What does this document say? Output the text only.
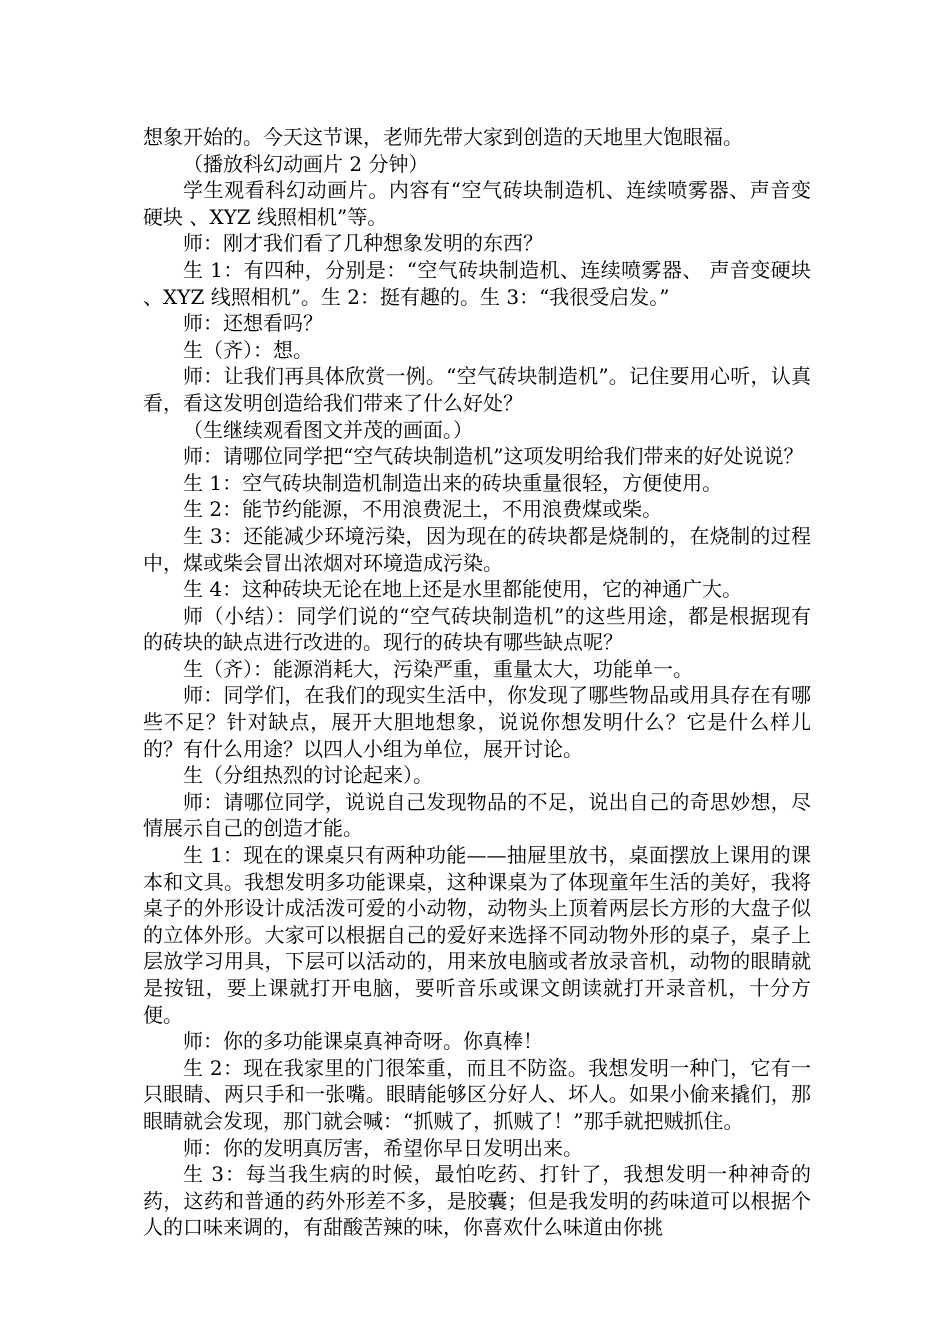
想象开始的。今天这节课，老师先带大家到创造的天地里大饱眼福。

（播放科幻动画片 2 分钟）

学生观看科幻动画片。内容有“空气砖块制造机、连续喷雾器、声音变硬块 、XYZ 线照相机”等。

师：刚才我们看了几种想象发明的东西？

生 1：有四种，分别是：“空气砖块制造机、连续喷雾器、 声音变硬块 、XYZ 线照相机”。生 2：挺有趣的。生 3：“我很受启发。”

师：还想看吗？

生（齐）：想。

师：让我们再具体欣赏一例。“空气砖块制造机”。记住要用心听，认真看，看这发明创造给我们带来了什么好处？

（生继续观看图文并茂的画面。）

师：请哪位同学把“空气砖块制造机”这项发明给我们带来的好处说说？

生 1：空气砖块制造机制造出来的砖块重量很轻，方便使用。

生 2：能节约能源，不用浪费泥土，不用浪费煤或柴。

生 3：还能减少环境污染，因为现在的砖块都是烧制的，在烧制的过程中，煤或柴会冒出浓烟对环境造成污染。

生 4：这种砖块无论在地上还是水里都能使用，它的神通广大。

师（小结）：同学们说的“空气砖块制造机”的这些用途，都是根据现有的砖块的缺点进行改进的。现行的砖块有哪些缺点呢？

生（齐）：能源消耗大，污染严重，重量太大，功能单一。

师：同学们，在我们的现实生活中，你发现了哪些物品或用具存在有哪些不足？针对缺点，展开大胆地想象，说说你想发明什么？它是什么样儿的？有什么用途？以四人小组为单位，展开讨论。

生（分组热烈的讨论起来）。

师：请哪位同学，说说自己发现物品的不足，说出自己的奇思妙想，尽情展示自己的创造才能。

生 1：现在的课桌只有两种功能——抽屉里放书，桌面摆放上课用的课本和文具。我想发明多功能课桌，这种课桌为了体现童年生活的美好，我将桌子的外形设计成活泼可爱的小动物，动物头上顶着两层长方形的大盘子似的立体外形。大家可以根据自己的爱好来选择不同动物外形的桌子，桌子上层放学习用具，下层可以活动的，用来放电脑或者放录音机，动物的眼睛就是按钮，要上课就打开电脑，要听音乐或课文朗读就打开录音机，十分方便。

师：你的多功能课桌真神奇呀。你真棒！

生 2：现在我家里的门很笨重，而且不防盗。我想发明一种门，它有一只眼睛、两只手和一张嘴。眼睛能够区分好人、坏人。如果小偷来撬们，那眼睛就会发现，那门就会喊：“抓贼了，抓贼了！”那手就把贼抓住。

师：你的发明真厉害，希望你早日发明出来。

生 3：每当我生病的时候，最怕吃药、打针了，我想发明一种神奇的药，这药和普通的药外形差不多，是胶囊；但是我发明的药味道可以根据个人的口味来调的，有甜酸苦辣的味，你喜欢什么味道由你挑
